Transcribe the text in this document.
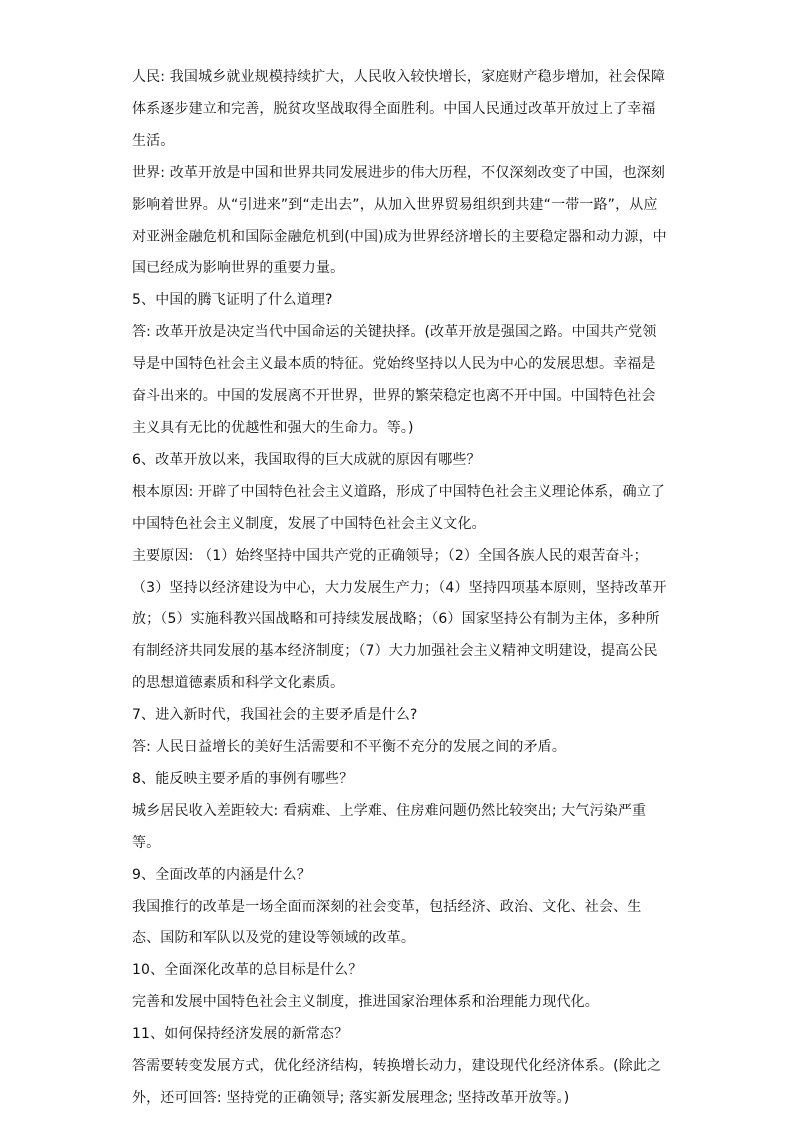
人民: 我国城乡就业规模持续扩大，人民收入较快增长，家庭财产稳步增加，社会保障体系逐步建立和完善，脱贫攻坚战取得全面胜利。中国人民通过改革开放过上了幸福生活。

世界: 改革开放是中国和世界共同发展进步的伟大历程，不仅深刻改变了中国，也深刻影响着世界。从“引进来”到“走出去”，从加入世界贸易组织到共建“一带一路”，从应对亚洲金融危机和国际金融危机到(中国)成为世界经济增长的主要稳定器和动力源，中国已经成为影响世界的重要力量。

5、中国的腾飞证明了什么道理?

答: 改革开放是决定当代中国命运的关键抉择。(改革开放是强国之路。中国共产党领导是中国特色社会主义最本质的特征。党始终坚持以人民为中心的发展思想。幸福是奋斗出来的。中国的发展离不开世界，世界的繁荣稳定也离不开中国。中国特色社会主义具有无比的优越性和强大的生命力。等。)

6、改革开放以来，我国取得的巨大成就的原因有哪些？

根本原因: 开辟了中国特色社会主义道路，形成了中国特色社会主义理论体系，确立了中国特色社会主义制度，发展了中国特色社会主义文化。

主要原因: （1）始终坚持中国共产党的正确领导；（2）全国各族人民的艰苦奋斗；（3）坚持以经济建设为中心，大力发展生产力；（4）坚持四项基本原则，坚持改革开放；（5）实施科教兴国战略和可持续发展战略；（6）国家坚持公有制为主体，多种所有制经济共同发展的基本经济制度；（7）大力加强社会主义精神文明建设，提高公民的思想道德素质和科学文化素质。

7、进入新时代，我国社会的主要矛盾是什么?

答: 人民日益增长的美好生活需要和不平衡不充分的发展之间的矛盾。

8、能反映主要矛盾的事例有哪些？

城乡居民收入差距较大: 看病难、上学难、住房难问题仍然比较突出; 大气污染严重等。

9、全面改革的内涵是什么？

我国推行的改革是一场全面而深刻的社会变革，包括经济、政治、文化、社会、生态、国防和军队以及党的建设等领域的改革。

10、全面深化改革的总目标是什么？

完善和发展中国特色社会主义制度，推进国家治理体系和治理能力现代化。

11、如何保持经济发展的新常态？

答需要转变发展方式，优化经济结构，转换增长动力，建设现代化经济体系。(除此之外，还可回答: 坚持党的正确领导; 落实新发展理念; 坚持改革开放等。)
